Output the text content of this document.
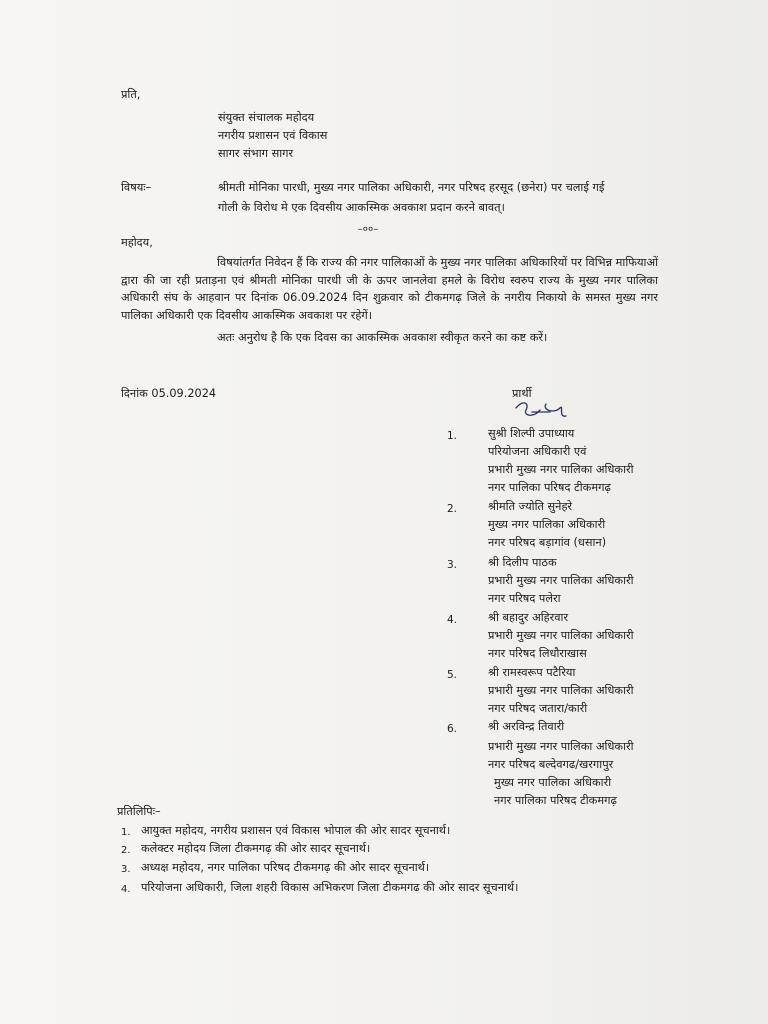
प्रति,
संयुक्त संचालक महोदय
नगरीय प्रशासन एवं विकास
सागर संभाग सागर
विषयः–	श्रीमती मोनिका पारधी, मुख्य नगर पालिका अधिकारी, नगर परिषद हरसूद (छनेरा) पर चलाई गई
गोली के विरोध मे एक दिवसीय आकस्मिक अवकाश प्रदान करने बावत्।
–००–
महोदय,
विषयांतर्गत निवेदन हैं कि राज्य की नगर पालिकाओं के मुख्य नगर पालिका अधिकारियों पर विभिन्न माफियाओं द्वारा की जा रही प्रताड़ना एवं श्रीमती मोनिका पारधी जी के ऊपर जानलेवा हमले के विरोध स्वरुप राज्य के मुख्य नगर पालिका अधिकारी संघ के आहवान पर दिनांक 06.09.2024 दिन शुक्रवार को टीकमगढ़ जिले के नगरीय निकायो के समस्त मुख्य नगर पालिका अधिकारी एक दिवसीय आकस्मिक अवकाश पर रहेगें।
अतः अनुरोध है कि एक दिवस का आकस्मिक अवकाश स्वीकृत करने का कष्ट करें।
दिनांक 05.09.2024	प्रार्थी
1.	सुश्री शिल्पी उपाध्याय
परियोजना अधिकारी एवं
प्रभारी मुख्य नगर पालिका अधिकारी
नगर पालिका परिषद टीकमगढ़
2.	श्रीमति ज्योति सुनेहरे
मुख्य नगर पालिका अधिकारी
नगर परिषद बड़ागांव (धसान)
3.	श्री दिलीप पाठक
प्रभारी मुख्य नगर पालिका अधिकारी
नगर परिषद पलेरा
4.	श्री बहादुर अहिरवार
प्रभारी मुख्य नगर पालिका अधिकारी
नगर परिषद लिधौराखास
5.	श्री रामस्वरूप पटैरिया
प्रभारी मुख्य नगर पालिका अधिकारी
नगर परिषद जतारा/कारी
6.	श्री अरविन्द्र तिवारी
प्रभारी मुख्य नगर पालिका अधिकारी
नगर परिषद बल्देवगढ/खरगापुर
मुख्य नगर पालिका अधिकारी
नगर पालिका परिषद टीकमगढ़
प्रतिलिपिः–
1. आयुक्त महोदय, नगरीय प्रशासन एवं विकास भोपाल की ओर सादर सूचनार्थ।
2. कलेक्टर महोदय जिला टीकमगढ़ की ओर सादर सूचनार्थ।
3. अध्यक्ष महोदय, नगर पालिका परिषद टीकमगढ़ की ओर सादर सूचनार्थ।
4. परियोजना अधिकारी, जिला शहरी विकास अभिकरण जिला टीकमगढ की ओर सादर सूचनार्थ।
